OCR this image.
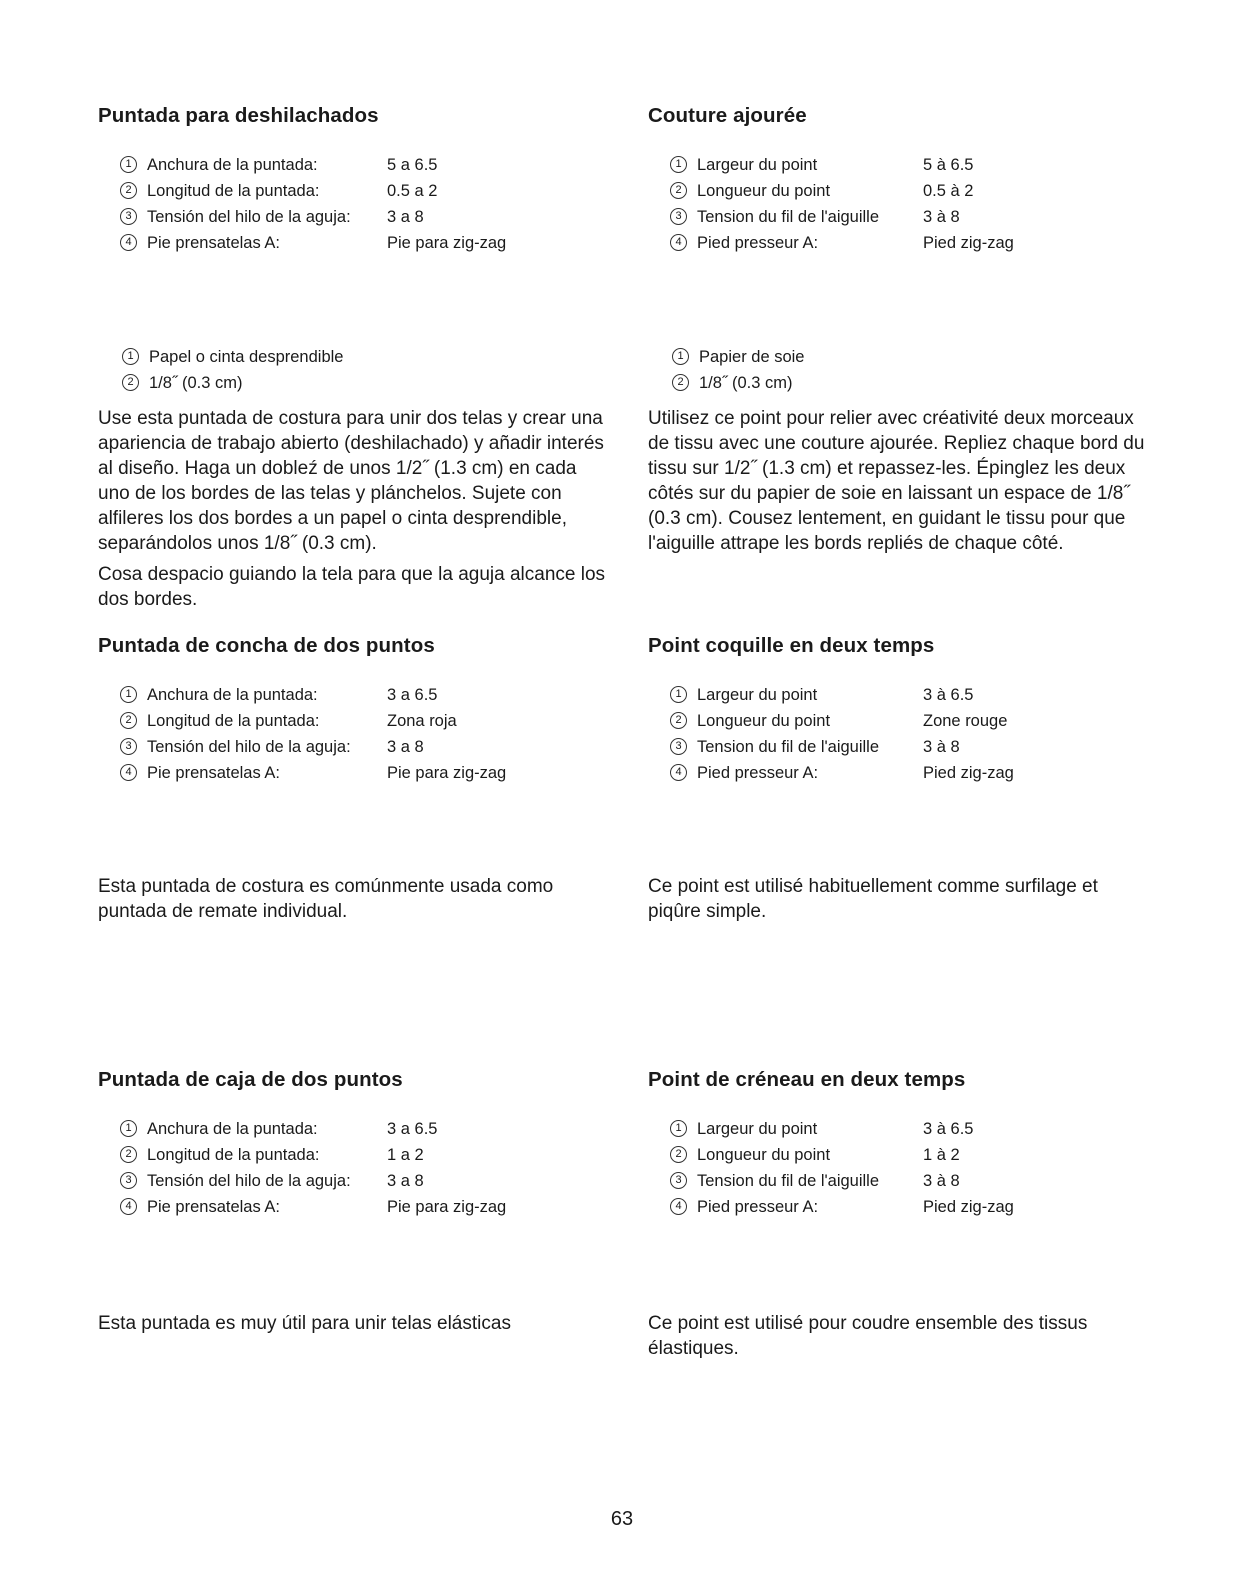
Puntada para deshilachados
1 Anchura de la puntada:	5 a 6.5
2 Longitud de la puntada:	0.5 a 2
3 Tensión del hilo de la aguja:	3 a 8
4 Pie prensatelas A:	Pie para zig-zag
1 Papel o cinta desprendible
2 1/8˝ (0.3 cm)

Use esta puntada de costura para unir dos telas y crear una apariencia de trabajo abierto (deshilachado) y añadir interés al diseño. Haga un dobleź de unos 1/2˝ (1.3 cm) en cada uno de los bordes de las telas y plánchelos. Sujete con alfileres los dos bordes a un papel o cinta desprendible, separándolos unos 1/8˝ (0.3 cm).

Cosa despacio guiando la tela para que la aguja alcance los dos bordes.

Puntada de concha de dos puntos
1 Anchura de la puntada:	3 a 6.5
2 Longitud de la puntada:	Zona roja
3 Tensión del hilo de la aguja:	3 a 8
4 Pie prensatelas A:	Pie para zig-zag

Esta puntada de costura es comúnmente usada como puntada de remate individual.

Puntada de caja de dos puntos
1 Anchura de la puntada:	3 a 6.5
2 Longitud de la puntada:	1 a 2
3 Tensión del hilo de la aguja:	3 a 8
4 Pie prensatelas A:	Pie para zig-zag

Esta puntada es muy útil para unir telas elásticas

Couture ajourée
1 Largeur du point	5 à 6.5
2 Longueur du point	0.5 à 2
3 Tension du fil de l'aiguille	3 à 8
4 Pied presseur A:	Pied zig-zag
1 Papier de soie
2 1/8˝ (0.3 cm)

Utilisez ce point pour relier avec créativité deux morceaux de tissu avec une couture ajourée. Repliez chaque bord du tissu sur 1/2˝ (1.3 cm) et repassez-les. Épinglez les deux côtés sur du papier de soie en laissant un espace de 1/8˝ (0.3 cm). Cousez lentement, en guidant le tissu pour que l'aiguille attrape les bords repliés de chaque côté.

Point coquille en deux temps
1 Largeur du point	3 à 6.5
2 Longueur du point	Zone rouge
3 Tension du fil de l'aiguille	3 à 8
4 Pied presseur A:	Pied zig-zag

Ce point est utilisé habituellement comme surfilage et piqûre simple.

Point de créneau en deux temps
1 Largeur du point	3 à 6.5
2 Longueur du point	1 à 2
3 Tension du fil de l'aiguille	3 à 8
4 Pied presseur A:	Pied zig-zag

Ce point est utilisé pour coudre ensemble des tissus élastiques.

63
